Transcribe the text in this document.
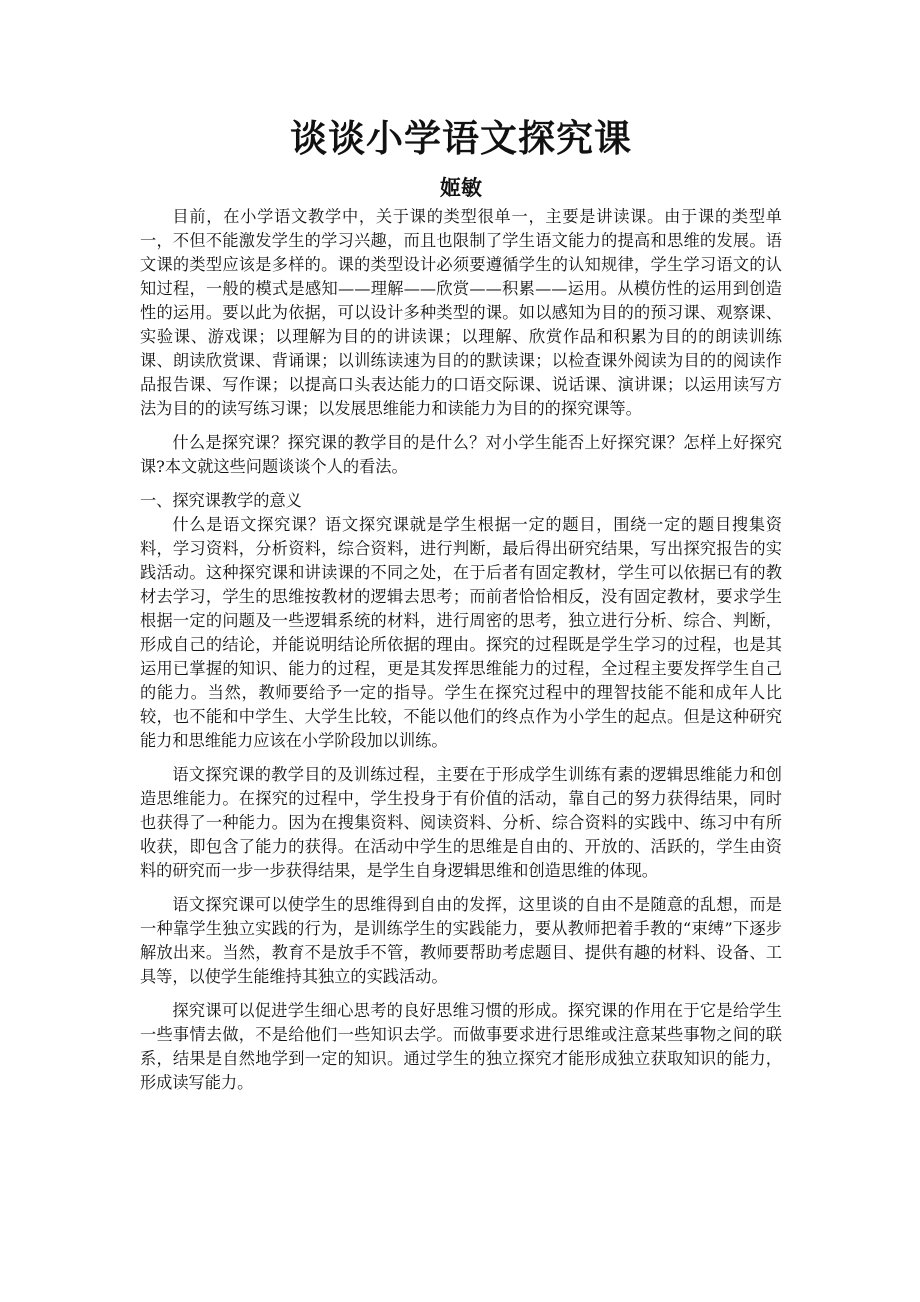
谈谈小学语文探究课
姬敏

目前，在小学语文教学中，关于课的类型很单一，主要是讲读课。由于课的类型单一，不但不能激发学生的学习兴趣，而且也限制了学生语文能力的提高和思维的发展。语文课的类型应该是多样的。课的类型设计必须要遵循学生的认知规律，学生学习语文的认知过程，一般的模式是感知——理解——欣赏——积累——运用。从模仿性的运用到创造性的运用。要以此为依据，可以设计多种类型的课。如以感知为目的的预习课、观察课、实验课、游戏课；以理解为目的的讲读课；以理解、欣赏作品和积累为目的的朗读训练课、朗读欣赏课、背诵课；以训练读速为目的的默读课；以检查课外阅读为目的的阅读作品报告课、写作课；以提高口头表达能力的口语交际课、说话课、演讲课；以运用读写方法为目的的读写练习课；以发展思维能力和读能力为目的的探究课等。

什么是探究课？探究课的教学目的是什么？对小学生能否上好探究课？怎样上好探究课?本文就这些问题谈谈个人的看法。

一、探究课教学的意义

什么是语文探究课？语文探究课就是学生根据一定的题目，围绕一定的题目搜集资料，学习资料，分析资料，综合资料，进行判断，最后得出研究结果，写出探究报告的实践活动。这种探究课和讲读课的不同之处，在于后者有固定教材，学生可以依据已有的教材去学习，学生的思维按教材的逻辑去思考；而前者恰恰相反，没有固定教材，要求学生根据一定的问题及一些逻辑系统的材料，进行周密的思考，独立进行分析、综合、判断，形成自己的结论，并能说明结论所依据的理由。探究的过程既是学生学习的过程，也是其运用已掌握的知识、能力的过程，更是其发挥思维能力的过程，全过程主要发挥学生自己的能力。当然，教师要给予一定的指导。学生在探究过程中的理智技能不能和成年人比较，也不能和中学生、大学生比较，不能以他们的终点作为小学生的起点。但是这种研究能力和思维能力应该在小学阶段加以训练。

语文探究课的教学目的及训练过程，主要在于形成学生训练有素的逻辑思维能力和创造思维能力。在探究的过程中，学生投身于有价值的活动，靠自己的努力获得结果，同时也获得了一种能力。因为在搜集资料、阅读资料、分析、综合资料的实践中、练习中有所收获，即包含了能力的获得。在活动中学生的思维是自由的、开放的、活跃的，学生由资料的研究而一步一步获得结果，是学生自身逻辑思维和创造思维的体现。

语文探究课可以使学生的思维得到自由的发挥，这里谈的自由不是随意的乱想，而是一种靠学生独立实践的行为，是训练学生的实践能力，要从教师把着手教的“束缚”下逐步解放出来。当然，教育不是放手不管，教师要帮助考虑题目、提供有趣的材料、设备、工具等，以使学生能维持其独立的实践活动。

探究课可以促进学生细心思考的良好思维习惯的形成。探究课的作用在于它是给学生一些事情去做，不是给他们一些知识去学。而做事要求进行思维或注意某些事物之间的联系，结果是自然地学到一定的知识。通过学生的独立探究才能形成独立获取知识的能力，形成读写能力。
